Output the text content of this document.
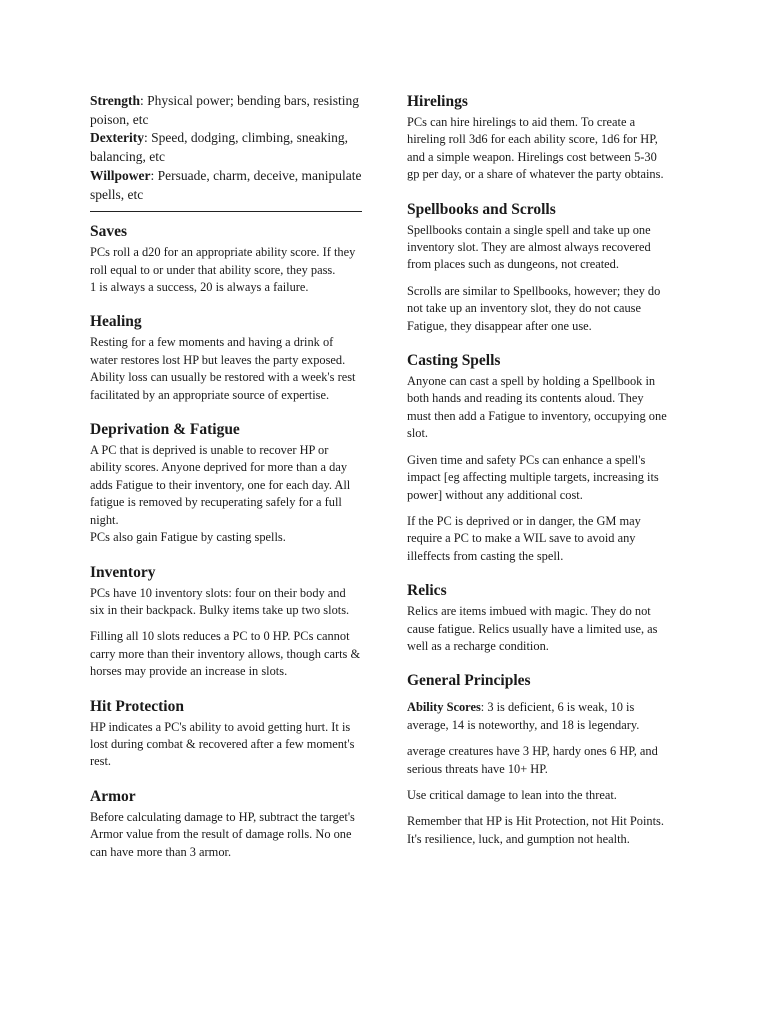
Strength: Physical power; bending bars, resisting poison, etc

Dexterity: Speed, dodging, climbing, sneaking, balancing, etc

Willpower: Persuade, charm, deceive, manipulate spells, etc

Saves

PCs roll a d20 for an appropriate ability score. If they roll equal to or under that ability score, they pass.

1 is always a success, 20 is always a failure.

Healing

Resting for a few moments and having a drink of water restores lost HP but leaves the party exposed. Ability loss can usually be restored with a week's rest facilitated by an appropriate source of expertise.

Deprivation & Fatigue

A PC that is deprived is unable to recover HP or ability scores. Anyone deprived for more than a day adds Fatigue to their inventory, one for each day. All fatigue is removed by recuperating safely for a full night.

PCs also gain Fatigue by casting spells.

Inventory

PCs have 10 inventory slots: four on their body and six in their backpack. Bulky items take up two slots.

Filling all 10 slots reduces a PC to 0 HP. PCs cannot carry more than their inventory allows, though carts & horses may provide an increase in slots.

Hit Protection

HP indicates a PC's ability to avoid getting hurt. It is lost during combat & recovered after a few moment's rest.

Armor

Before calculating damage to HP, subtract the target's Armor value from the result of damage rolls. No one can have more than 3 armor.

Hirelings

PCs can hire hirelings to aid them. To create a hireling roll 3d6 for each ability score, 1d6 for HP, and a simple weapon. Hirelings cost between 5-30 gp per day, or a share of whatever the party obtains.

Spellbooks and Scrolls

Spellbooks contain a single spell and take up one inventory slot. They are almost always recovered from places such as dungeons, not created.

Scrolls are similar to Spellbooks, however; they do not take up an inventory slot, they do not cause Fatigue, they disappear after one use.

Casting Spells

Anyone can cast a spell by holding a Spellbook in both hands and reading its contents aloud. They must then add a Fatigue to inventory, occupying one slot.

Given time and safety PCs can enhance a spell's impact [eg affecting multiple targets, increasing its power] without any additional cost.

If the PC is deprived or in danger, the GM may require a PC to make a WIL save to avoid any illeffects from casting the spell.

Relics

Relics are items imbued with magic. They do not cause fatigue. Relics usually have a limited use, as well as a recharge condition.

General Principles

Ability Scores: 3 is deficient, 6 is weak, 10 is average, 14 is noteworthy, and 18 is legendary.

average creatures have 3 HP, hardy ones 6 HP, and serious threats have 10+ HP.

Use critical damage to lean into the threat.

Remember that HP is Hit Protection, not Hit Points. It's resilience, luck, and gumption not health.
